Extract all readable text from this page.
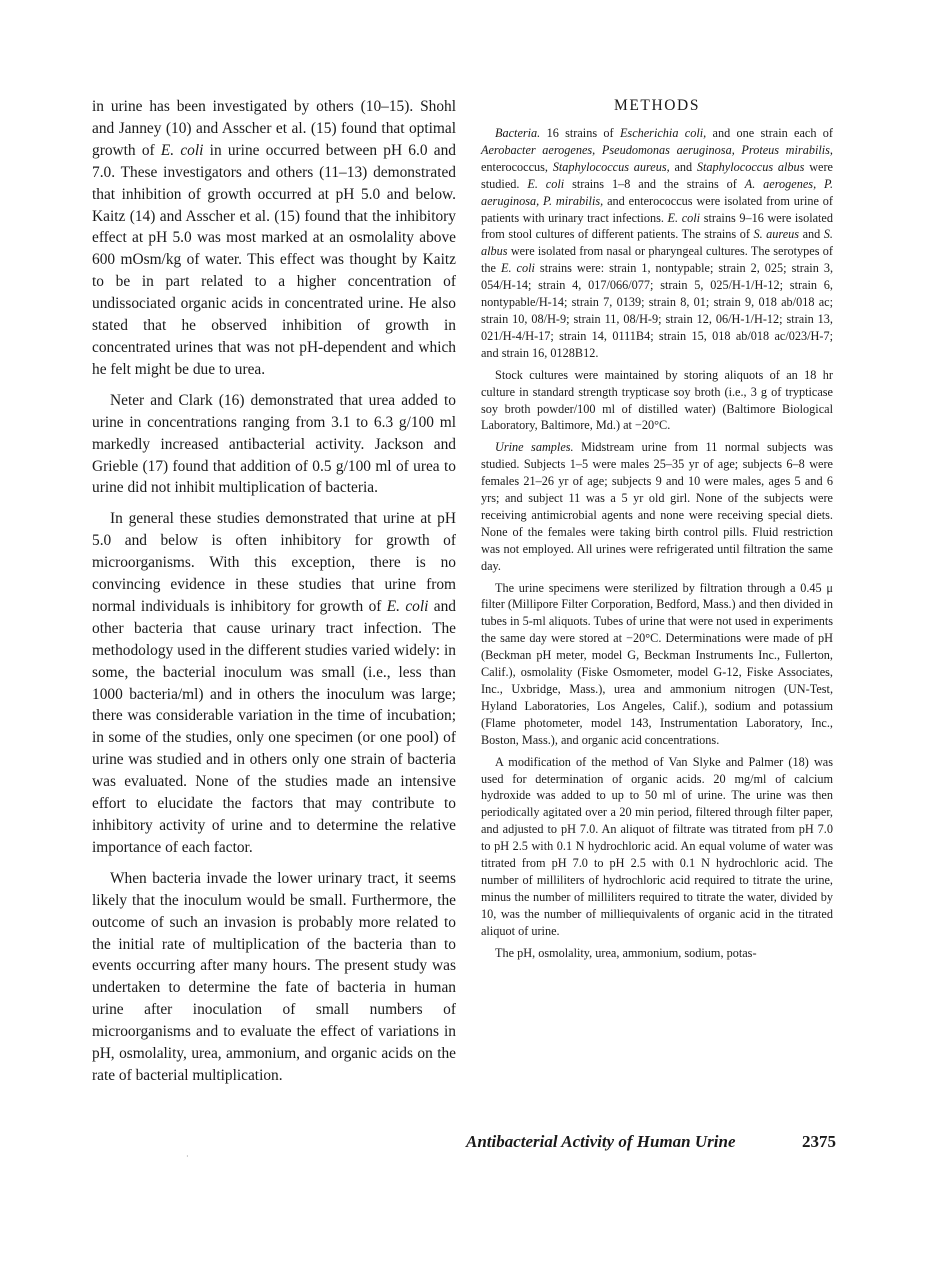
in urine has been investigated by others (10–15). Shohl and Janney (10) and Asscher et al. (15) found that optimal growth of E. coli in urine occurred between pH 6.0 and 7.0. These investigators and others (11–13) demonstrated that inhibition of growth occurred at pH 5.0 and below. Kaitz (14) and Asscher et al. (15) found that the inhibitory effect at pH 5.0 was most marked at an osmolality above 600 mOsm/kg of water. This effect was thought by Kaitz to be in part related to a higher concentration of undissociated organic acids in concentrated urine. He also stated that he observed inhibition of growth in concentrated urines that was not pH-dependent and which he felt might be due to urea.

Neter and Clark (16) demonstrated that urea added to urine in concentrations ranging from 3.1 to 6.3 g/100 ml markedly increased antibacterial activity. Jackson and Grieble (17) found that addition of 0.5 g/100 ml of urea to urine did not inhibit multiplication of bacteria.

In general these studies demonstrated that urine at pH 5.0 and below is often inhibitory for growth of microorganisms. With this exception, there is no convincing evidence in these studies that urine from normal individuals is inhibitory for growth of E. coli and other bacteria that cause urinary tract infection. The methodology used in the different studies varied widely: in some, the bacterial inoculum was small (i.e., less than 1000 bacteria/ml) and in others the inoculum was large; there was considerable variation in the time of incubation; in some of the studies, only one specimen (or one pool) of urine was studied and in others only one strain of bacteria was evaluated. None of the studies made an intensive effort to elucidate the factors that may contribute to inhibitory activity of urine and to determine the relative importance of each factor.

When bacteria invade the lower urinary tract, it seems likely that the inoculum would be small. Furthermore, the outcome of such an invasion is probably more related to the initial rate of multiplication of the bacteria than to events occurring after many hours. The present study was undertaken to determine the fate of bacteria in human urine after inoculation of small numbers of microorganisms and to evaluate the effect of variations in pH, osmolality, urea, ammonium, and organic acids on the rate of bacterial multiplication.

METHODS

Bacteria. 16 strains of Escherichia coli, and one strain each of Aerobacter aerogenes, Pseudomonas aeruginosa, Proteus mirabilis, enterococcus, Staphylococcus aureus, and Staphylococcus albus were studied. E. coli strains 1–8 and the strains of A. aerogenes, P. aeruginosa, P. mirabilis, and enterococcus were isolated from urine of patients with urinary tract infections. E. coli strains 9–16 were isolated from stool cultures of different patients. The strains of S. aureus and S. albus were isolated from nasal or pharyngeal cultures. The serotypes of the E. coli strains were: strain 1, nontypable; strain 2, 025; strain 3, 054/H-14; strain 4, 017/066/077; strain 5, 025/H-1/H-12; strain 6, nontypable/H-14; strain 7, 0139; strain 8, 01; strain 9, 018 ab/018 ac; strain 10, 08/H-9; strain 11, 08/H-9; strain 12, 06/H-1/H-12; strain 13, 021/H-4/H-17; strain 14, 0111B4; strain 15, 018 ab/018 ac/023/H-7; and strain 16, 0128B12.

Stock cultures were maintained by storing aliquots of an 18 hr culture in standard strength trypticase soy broth (i.e., 3 g of trypticase soy broth powder/100 ml of distilled water) (Baltimore Biological Laboratory, Baltimore, Md.) at −20°C.

Urine samples. Midstream urine from 11 normal subjects was studied. Subjects 1–5 were males 25–35 yr of age; subjects 6–8 were females 21–26 yr of age; subjects 9 and 10 were males, ages 5 and 6 yrs; and subject 11 was a 5 yr old girl. None of the subjects were receiving antimicrobial agents and none were receiving special diets. None of the females were taking birth control pills. Fluid restriction was not employed. All urines were refrigerated until filtration the same day.

The urine specimens were sterilized by filtration through a 0.45 μ filter (Millipore Filter Corporation, Bedford, Mass.) and then divided in tubes in 5-ml aliquots. Tubes of urine that were not used in experiments the same day were stored at −20°C. Determinations were made of pH (Beckman pH meter, model G, Beckman Instruments Inc., Fullerton, Calif.), osmolality (Fiske Osmometer, model G-12, Fiske Associates, Inc., Uxbridge, Mass.), urea and ammonium nitrogen (UN-Test, Hyland Laboratories, Los Angeles, Calif.), sodium and potassium (Flame photometer, model 143, Instrumentation Laboratory, Inc., Boston, Mass.), and organic acid concentrations.

A modification of the method of Van Slyke and Palmer (18) was used for determination of organic acids. 20 mg/ml of calcium hydroxide was added to up to 50 ml of urine. The urine was then periodically agitated over a 20 min period, filtered through filter paper, and adjusted to pH 7.0. An aliquot of filtrate was titrated from pH 7.0 to pH 2.5 with 0.1 N hydrochloric acid. An equal volume of water was titrated from pH 7.0 to pH 2.5 with 0.1 N hydrochloric acid. The number of milliliters of hydrochloric acid required to titrate the urine, minus the number of milliliters required to titrate the water, divided by 10, was the number of milliequivalents of organic acid in the titrated aliquot of urine.

The pH, osmolality, urea, ammonium, sodium, potas-

Antibacterial Activity of Human Urine	2375
·
